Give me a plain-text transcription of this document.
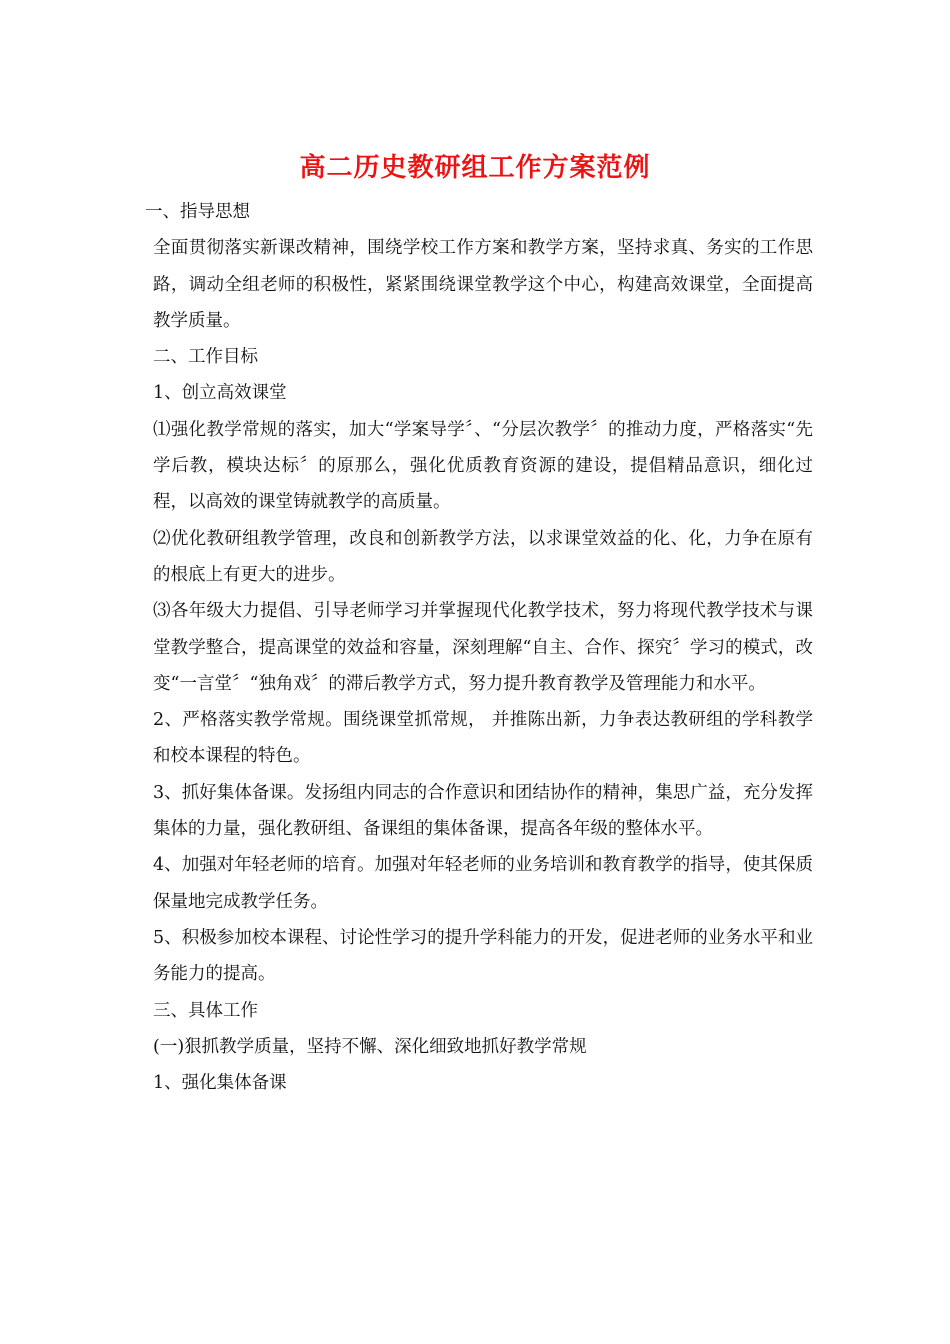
高二历史教研组工作方案范例

一、指导思想

全面贯彻落实新课改精神，围绕学校工作方案和教学方案，坚持求真、务实的工作思路，调动全组老师的积极性，紧紧围绕课堂教学这个中心，构建高效课堂，全面提高教学质量。

二、工作目标

1、创立高效课堂

⑴强化教学常规的落实，加大“学案导学〞、“分层次教学〞的推动力度，严格落实“先学后教，模块达标〞的原那么，强化优质教育资源的建设，提倡精品意识，细化过程，以高效的课堂铸就教学的高质量。

⑵优化教研组教学管理，改良和创新教学方法，以求课堂效益的化、化，力争在原有的根底上有更大的进步。

⑶各年级大力提倡、引导老师学习并掌握现代化教学技术，努力将现代教学技术与课堂教学整合，提高课堂的效益和容量，深刻理解“自主、合作、探究〞学习的模式，改变“一言堂〞“独角戏〞的滞后教学方式，努力提升教育教学及管理能力和水平。

2、严格落实教学常规。围绕课堂抓常规， 并推陈出新，力争表达教研组的学科教学和校本课程的特色。

3、抓好集体备课。发扬组内同志的合作意识和团结协作的精神，集思广益，充分发挥集体的力量，强化教研组、备课组的集体备课，提高各年级的整体水平。

4、加强对年轻老师的培育。加强对年轻老师的业务培训和教育教学的指导，使其保质保量地完成教学任务。

5、积极参加校本课程、讨论性学习的提升学科能力的开发，促进老师的业务水平和业务能力的提高。

三、具体工作

(一)狠抓教学质量，坚持不懈、深化细致地抓好教学常规

1、强化集体备课
